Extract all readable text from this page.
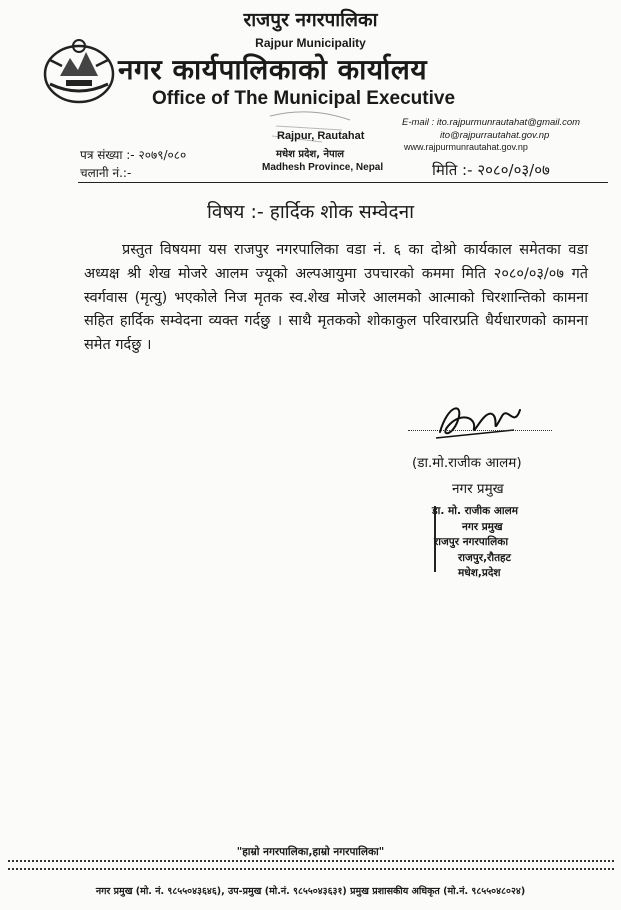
राजपुर नगरपालिका
Rajpur Municipality
नगर कार्यपालिकाको कार्यालय
Office of The Municipal Executive
Rajpur, Rautahat
मधेश प्रदेश, नेपाल
Madhesh Province, Nepal
E-mail : ito.rajpurmunrautahat@gmail.com
ito@rajpurrautahat.gov.np
www.rajpurmunrautahat.gov.np
पत्र संख्या :- २०७९/०८०
चलानी नं.:-	मिति :- २०८०/०३/०७
विषय :- हार्दिक शोक सम्वेदना
प्रस्तुत विषयमा यस राजपुर नगरपालिका वडा नं. ६ का दोश्रो कार्यकाल समेतका वडा अध्यक्ष श्री शेख मोजरे आलम ज्यूको अल्पआयुमा उपचारको कममा मिति २०८०/०३/०७ गते स्वर्गवास (मृत्यु) भएकोले निज मृतक स्व.शेख मोजरे आलमको आत्माको चिरशान्तिको कामना सहित हार्दिक सम्वेदना व्यक्त गर्दछु । साथै मृतकको शोकाकुल परिवारप्रति धैर्यधारणको कामना समेत गर्दछु ।
(डा.मो.राजीक आलम)
नगर प्रमुख
डा. मो. राजीक आलम
नगर प्रमुख
राजपुर नगरपालिका
राजपुर,रौतहट
मधेश,प्रदेश
"हाम्रो नगरपालिका,हाम्रो नगरपालिका"
नगर प्रमुख (मो. नं. ९८५५०४३६४६), उप-प्रमुख (मो.नं. ९८५५०४३६३१) प्रमुख प्रशासकीय अधिकृत (मो.नं. ९८५५०४८०२४)
